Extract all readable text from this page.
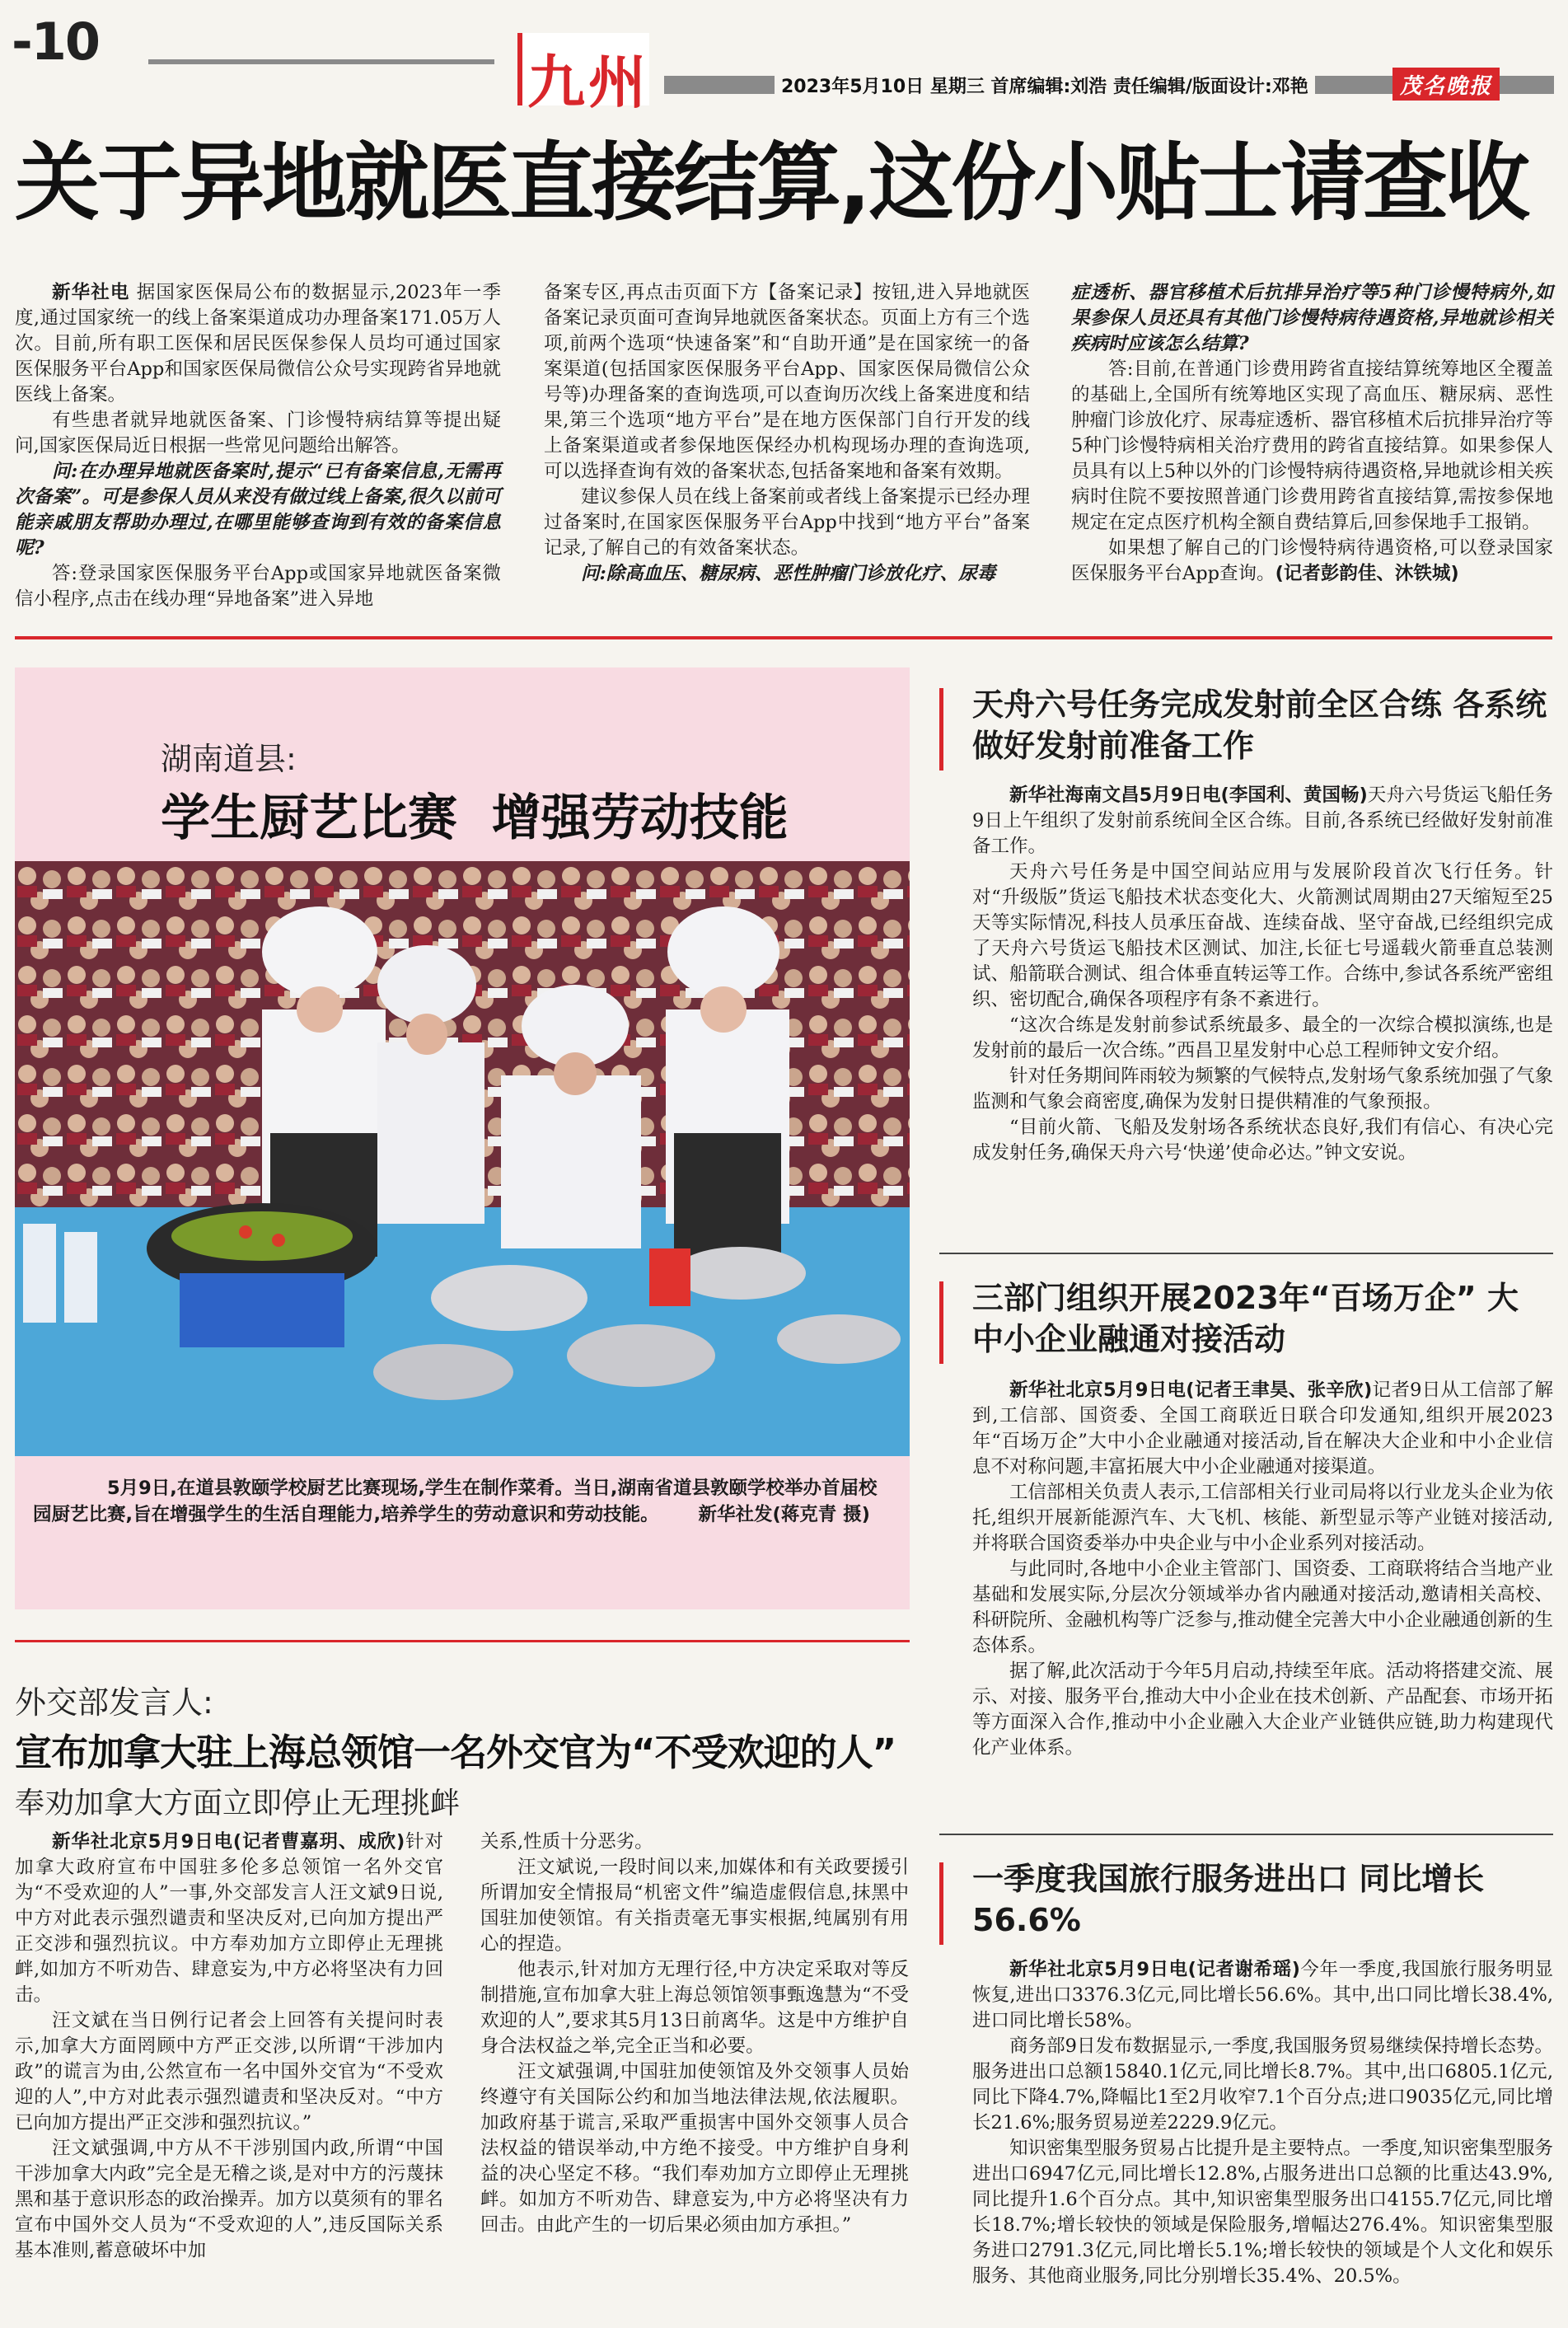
-10
九州	2023年5月10日 星期三 首席编辑:刘浩 责任编辑/版面设计:邓艳	茂名晚报
关于异地就医直接结算,这份小贴士请查收

新华社电 据国家医保局公布的数据显示,2023年一季度,通过国家统一的线上备案渠道成功办理备案171.05万人次。目前,所有职工医保和居民医保参保人员均可通过国家医保服务平台App和国家医保局微信公众号实现跨省异地就医线上备案。

有些患者就异地就医备案、门诊慢特病结算等提出疑问,国家医保局近日根据一些常见问题给出解答。

问:在办理异地就医备案时,提示“已有备案信息,无需再次备案”。可是参保人员从来没有做过线上备案,很久以前可能亲戚朋友帮助办理过,在哪里能够查询到有效的备案信息呢?

答:登录国家医保服务平台App或国家异地就医备案微信小程序,点击在线办理“异地备案”进入异地

备案专区,再点击页面下方【备案记录】按钮,进入异地就医备案记录页面可查询异地就医备案状态。页面上方有三个选项,前两个选项“快速备案”和“自助开通”是在国家统一的备案渠道(包括国家医保服务平台App、国家医保局微信公众号等)办理备案的查询选项,可以查询历次线上备案进度和结果,第三个选项“地方平台”是在地方医保部门自行开发的线上备案渠道或者参保地医保经办机构现场办理的查询选项,可以选择查询有效的备案状态,包括备案地和备案有效期。

建议参保人员在线上备案前或者线上备案提示已经办理过备案时,在国家医保服务平台App中找到“地方平台”备案记录,了解自己的有效备案状态。

问:除高血压、糖尿病、恶性肿瘤门诊放化疗、尿毒

症透析、器官移植术后抗排异治疗等5种门诊慢特病外,如果参保人员还具有其他门诊慢特病待遇资格,异地就诊相关疾病时应该怎么结算?

答:目前,在普通门诊费用跨省直接结算统筹地区全覆盖的基础上,全国所有统筹地区实现了高血压、糖尿病、恶性肿瘤门诊放化疗、尿毒症透析、器官移植术后抗排异治疗等5种门诊慢特病相关治疗费用的跨省直接结算。如果参保人员具有以上5种以外的门诊慢特病待遇资格,异地就诊相关疾病时住院不要按照普通门诊费用跨省直接结算,需按参保地规定在定点医疗机构全额自费结算后,回参保地手工报销。

如果想了解自己的门诊慢特病待遇资格,可以登录国家医保服务平台App查询。(记者彭韵佳、沐铁城)

湖南道县:
学生厨艺比赛  增强劳动技能
5月9日,在道县敦颐学校厨艺比赛现场,学生在制作菜肴。当日,湖南省道县敦颐学校举办首届校园厨艺比赛,旨在增强学生的生活自理能力,培养学生的劳动意识和劳动技能。 新华社发(蒋克青 摄)
天舟六号任务完成发射前全区合练 各系统做好发射前准备工作

新华社海南文昌5月9日电(李国利、黄国畅)天舟六号货运飞船任务9日上午组织了发射前系统间全区合练。目前,各系统已经做好发射前准备工作。

天舟六号任务是中国空间站应用与发展阶段首次飞行任务。针对“升级版”货运飞船技术状态变化大、火箭测试周期由27天缩短至25天等实际情况,科技人员承压奋战、连续奋战、坚守奋战,已经组织完成了天舟六号货运飞船技术区测试、加注,长征七号遥载火箭垂直总装测试、船箭联合测试、组合体垂直转运等工作。合练中,参试各系统严密组织、密切配合,确保各项程序有条不紊进行。

“这次合练是发射前参试系统最多、最全的一次综合模拟演练,也是发射前的最后一次合练。”西昌卫星发射中心总工程师钟文安介绍。

针对任务期间阵雨较为频繁的气候特点,发射场气象系统加强了气象监测和气象会商密度,确保为发射日提供精准的气象预报。

“目前火箭、飞船及发射场各系统状态良好,我们有信心、有决心完成发射任务,确保天舟六号‘快递’使命必达。”钟文安说。

三部门组织开展2023年“百场万企” 大中小企业融通对接活动

新华社北京5月9日电(记者王聿昊、张辛欣)记者9日从工信部了解到,工信部、国资委、全国工商联近日联合印发通知,组织开展2023年“百场万企”大中小企业融通对接活动,旨在解决大企业和中小企业信息不对称问题,丰富拓展大中小企业融通对接渠道。

工信部相关负责人表示,工信部相关行业司局将以行业龙头企业为依托,组织开展新能源汽车、大飞机、核能、新型显示等产业链对接活动,并将联合国资委举办中央企业与中小企业系列对接活动。

与此同时,各地中小企业主管部门、国资委、工商联将结合当地产业基础和发展实际,分层次分领域举办省内融通对接活动,邀请相关高校、科研院所、金融机构等广泛参与,推动健全完善大中小企业融通创新的生态体系。

据了解,此次活动于今年5月启动,持续至年底。活动将搭建交流、展示、对接、服务平台,推动大中小企业在技术创新、产品配套、市场开拓等方面深入合作,推动中小企业融入大企业产业链供应链,助力构建现代化产业体系。

外交部发言人:
宣布加拿大驻上海总领馆一名外交官为“不受欢迎的人”
奉劝加拿大方面立即停止无理挑衅

新华社北京5月9日电(记者曹嘉玥、成欣)针对加拿大政府宣布中国驻多伦多总领馆一名外交官为“不受欢迎的人”一事,外交部发言人汪文斌9日说,中方对此表示强烈谴责和坚决反对,已向加方提出严正交涉和强烈抗议。中方奉劝加方立即停止无理挑衅,如加方不听劝告、肆意妄为,中方必将坚决有力回击。

汪文斌在当日例行记者会上回答有关提问时表示,加拿大方面罔顾中方严正交涉,以所谓“干涉加内政”的谎言为由,公然宣布一名中国外交官为“不受欢迎的人”,中方对此表示强烈谴责和坚决反对。“中方已向加方提出严正交涉和强烈抗议。”

汪文斌强调,中方从不干涉别国内政,所谓“中国干涉加拿大内政”完全是无稽之谈,是对中方的污蔑抹黑和基于意识形态的政治操弄。加方以莫须有的罪名宣布中国外交人员为“不受欢迎的人”,违反国际关系基本准则,蓄意破坏中加

关系,性质十分恶劣。

汪文斌说,一段时间以来,加媒体和有关政要援引所谓加安全情报局“机密文件”编造虚假信息,抹黑中国驻加使领馆。有关指责毫无事实根据,纯属别有用心的捏造。

他表示,针对加方无理行径,中方决定采取对等反制措施,宣布加拿大驻上海总领馆领事甄逸慧为“不受欢迎的人”,要求其5月13日前离华。这是中方维护自身合法权益之举,完全正当和必要。

汪文斌强调,中国驻加使领馆及外交领事人员始终遵守有关国际公约和加当地法律法规,依法履职。加政府基于谎言,采取严重损害中国外交领事人员合法权益的错误举动,中方绝不接受。中方维护自身利益的决心坚定不移。“我们奉劝加方立即停止无理挑衅。如加方不听劝告、肆意妄为,中方必将坚决有力回击。由此产生的一切后果必须由加方承担。”

一季度我国旅行服务进出口 同比增长56.6%

新华社北京5月9日电(记者谢希瑶)今年一季度,我国旅行服务明显恢复,进出口3376.3亿元,同比增长56.6%。其中,出口同比增长38.4%,进口同比增长58%。

商务部9日发布数据显示,一季度,我国服务贸易继续保持增长态势。服务进出口总额15840.1亿元,同比增长8.7%。其中,出口6805.1亿元,同比下降4.7%,降幅比1至2月收窄7.1个百分点;进口9035亿元,同比增长21.6%;服务贸易逆差2229.9亿元。

知识密集型服务贸易占比提升是主要特点。一季度,知识密集型服务进出口6947亿元,同比增长12.8%,占服务进出口总额的比重达43.9%,同比提升1.6个百分点。其中,知识密集型服务出口4155.7亿元,同比增长18.7%;增长较快的领域是保险服务,增幅达276.4%。知识密集型服务进口2791.3亿元,同比增长5.1%;增长较快的领域是个人文化和娱乐服务、其他商业服务,同比分别增长35.4%、20.5%。
